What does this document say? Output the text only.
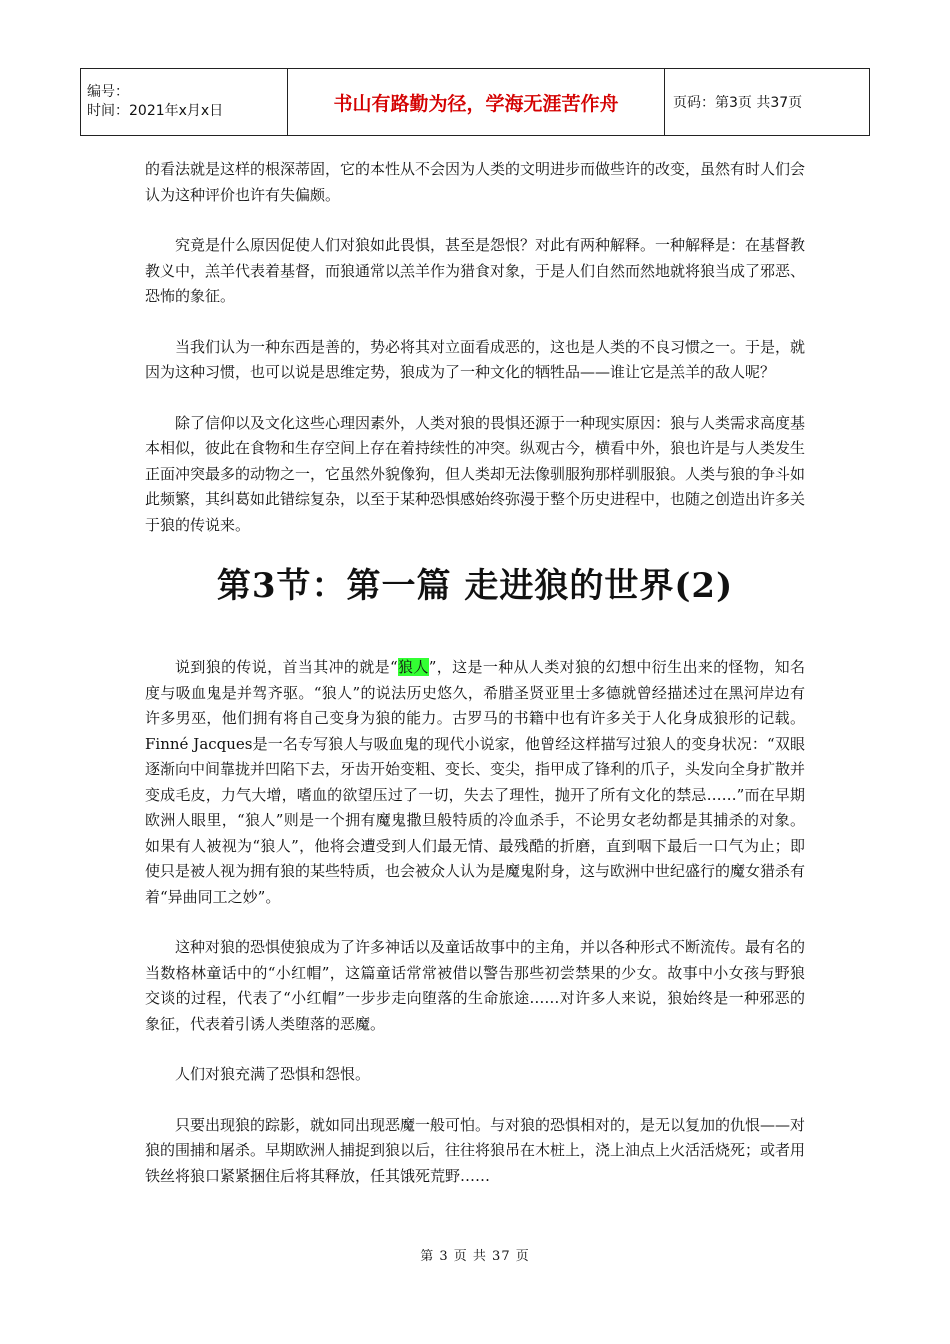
编号：
时间：2021年x月x日	书山有路勤为径，学海无涯苦作舟	页码：第3页 共37页

的看法就是这样的根深蒂固，它的本性从不会因为人类的文明进步而做些许的改变，虽然有时人们会认为这种评价也许有失偏颇。

究竟是什么原因促使人们对狼如此畏惧，甚至是怨恨？对此有两种解释。一种解释是：在基督教教义中，羔羊代表着基督，而狼通常以羔羊作为猎食对象，于是人们自然而然地就将狼当成了邪恶、恐怖的象征。

当我们认为一种东西是善的，势必将其对立面看成恶的，这也是人类的不良习惯之一。于是，就因为这种习惯，也可以说是思维定势，狼成为了一种文化的牺牲品——谁让它是羔羊的敌人呢？

除了信仰以及文化这些心理因素外，人类对狼的畏惧还源于一种现实原因：狼与人类需求高度基本相似，彼此在食物和生存空间上存在着持续性的冲突。纵观古今，横看中外，狼也许是与人类发生正面冲突最多的动物之一，它虽然外貌像狗，但人类却无法像驯服狗那样驯服狼。人类与狼的争斗如此频繁，其纠葛如此错综复杂，以至于某种恐惧感始终弥漫于整个历史进程中，也随之创造出许多关于狼的传说来。

第3节：第一篇 走进狼的世界(2)

说到狼的传说，首当其冲的就是“狼人”，这是一种从人类对狼的幻想中衍生出来的怪物，知名度与吸血鬼是并驾齐驱。“狼人”的说法历史悠久，希腊圣贤亚里士多德就曾经描述过在黑河岸边有许多男巫，他们拥有将自己变身为狼的能力。古罗马的书籍中也有许多关于人化身成狼形的记载。Finné Jacques是一名专写狼人与吸血鬼的现代小说家，他曾经这样描写过狼人的变身状况：“双眼逐渐向中间靠拢并凹陷下去，牙齿开始变粗、变长、变尖，指甲成了锋利的爪子，头发向全身扩散并变成毛皮，力气大增，嗜血的欲望压过了一切，失去了理性，抛开了所有文化的禁忌……”而在早期欧洲人眼里，“狼人”则是一个拥有魔鬼撒旦般特质的冷血杀手，不论男女老幼都是其捕杀的对象。如果有人被视为“狼人”，他将会遭受到人们最无情、最残酷的折磨，直到咽下最后一口气为止；即使只是被人视为拥有狼的某些特质，也会被众人认为是魔鬼附身，这与欧洲中世纪盛行的魔女猎杀有着“异曲同工之妙”。

这种对狼的恐惧使狼成为了许多神话以及童话故事中的主角，并以各种形式不断流传。最有名的当数格林童话中的“小红帽”，这篇童话常常被借以警告那些初尝禁果的少女。故事中小女孩与野狼交谈的过程，代表了“小红帽”一步步走向堕落的生命旅途……对许多人来说，狼始终是一种邪恶的象征，代表着引诱人类堕落的恶魔。

人们对狼充满了恐惧和怨恨。

只要出现狼的踪影，就如同出现恶魔一般可怕。与对狼的恐惧相对的，是无以复加的仇恨——对狼的围捕和屠杀。早期欧洲人捕捉到狼以后，往往将狼吊在木桩上，浇上油点上火活活烧死；或者用铁丝将狼口紧紧捆住后将其释放，任其饿死荒野……

第 3 页 共 37 页
